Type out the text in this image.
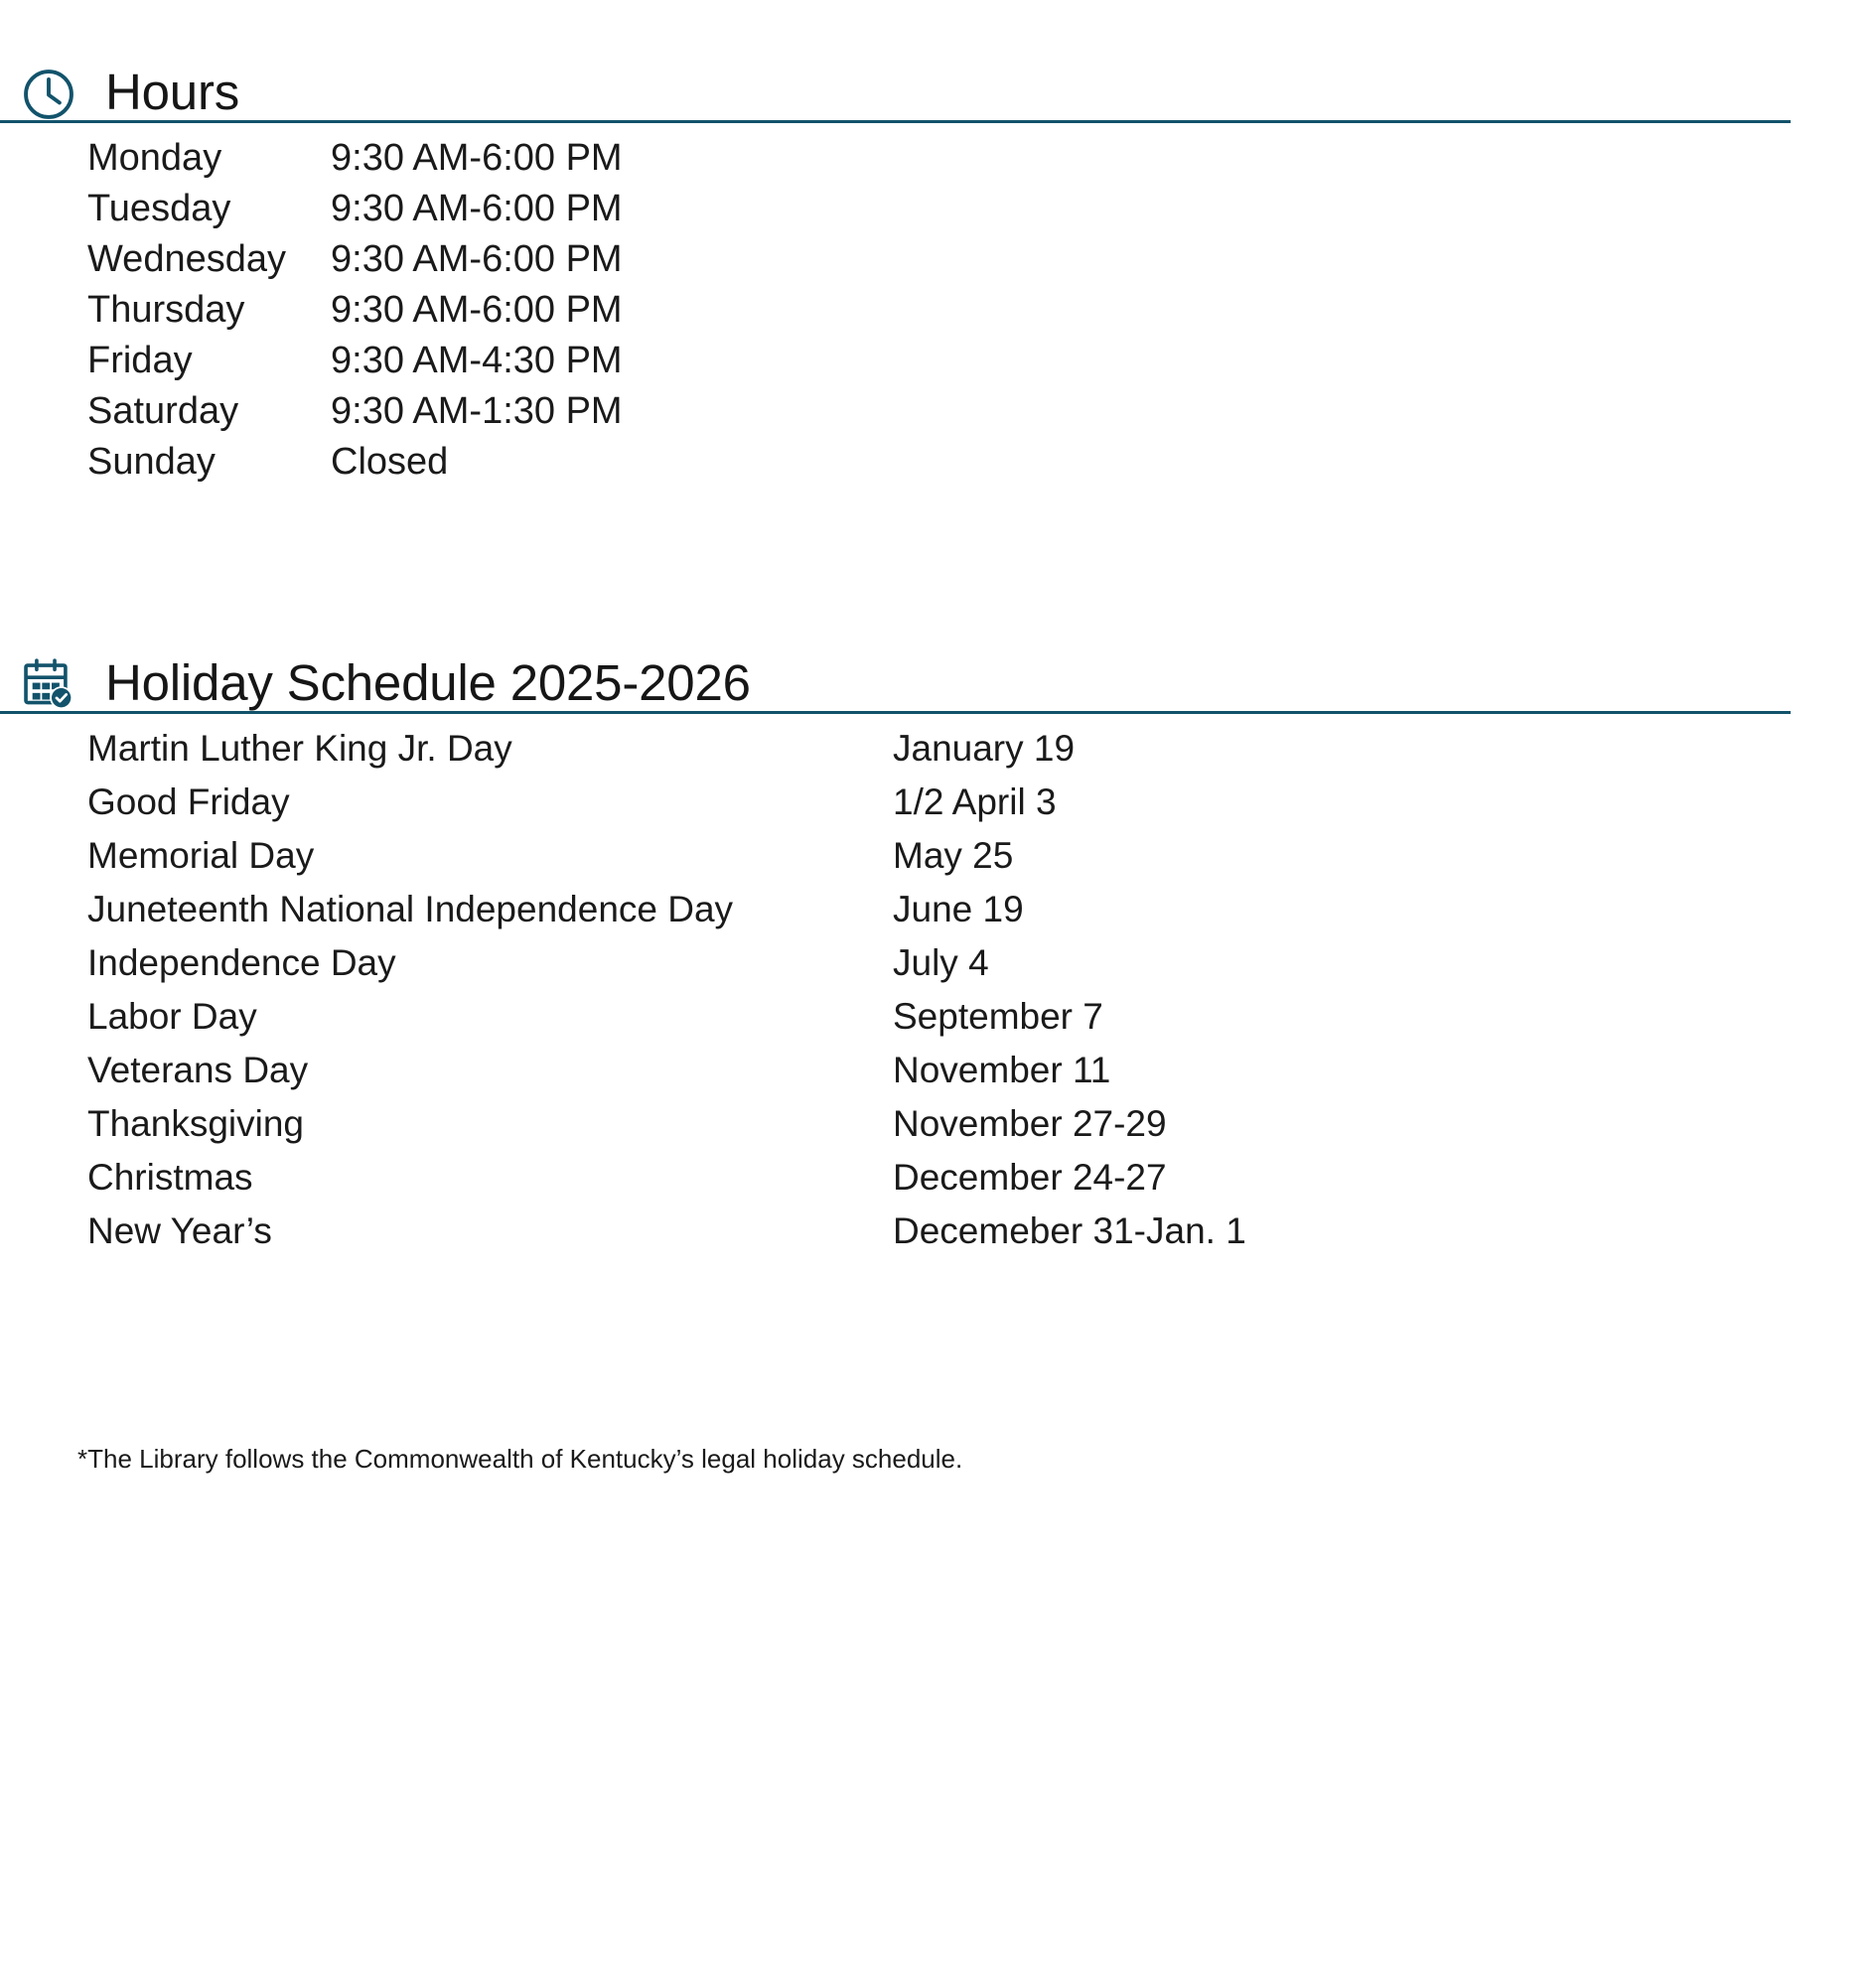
Hours
Monday	9:30 AM-6:00 PM
Tuesday	9:30 AM-6:00 PM
Wednesday	9:30 AM-6:00 PM
Thursday	9:30 AM-6:00 PM
Friday	9:30 AM-4:30 PM
Saturday	9:30 AM-1:30 PM
Sunday	Closed
Holiday Schedule 2025-2026
Martin Luther King Jr. Day	January 19
Good Friday	1/2 April 3
Memorial Day	May 25
Juneteenth National Independence Day	June 19
Independence Day	July 4
Labor Day	September 7
Veterans Day	November 11
Thanksgiving	November 27-29
Christmas	December 24-27
New Year’s	Decemeber 31-Jan. 1
*The Library follows the Commonwealth of Kentucky’s legal holiday schedule.
